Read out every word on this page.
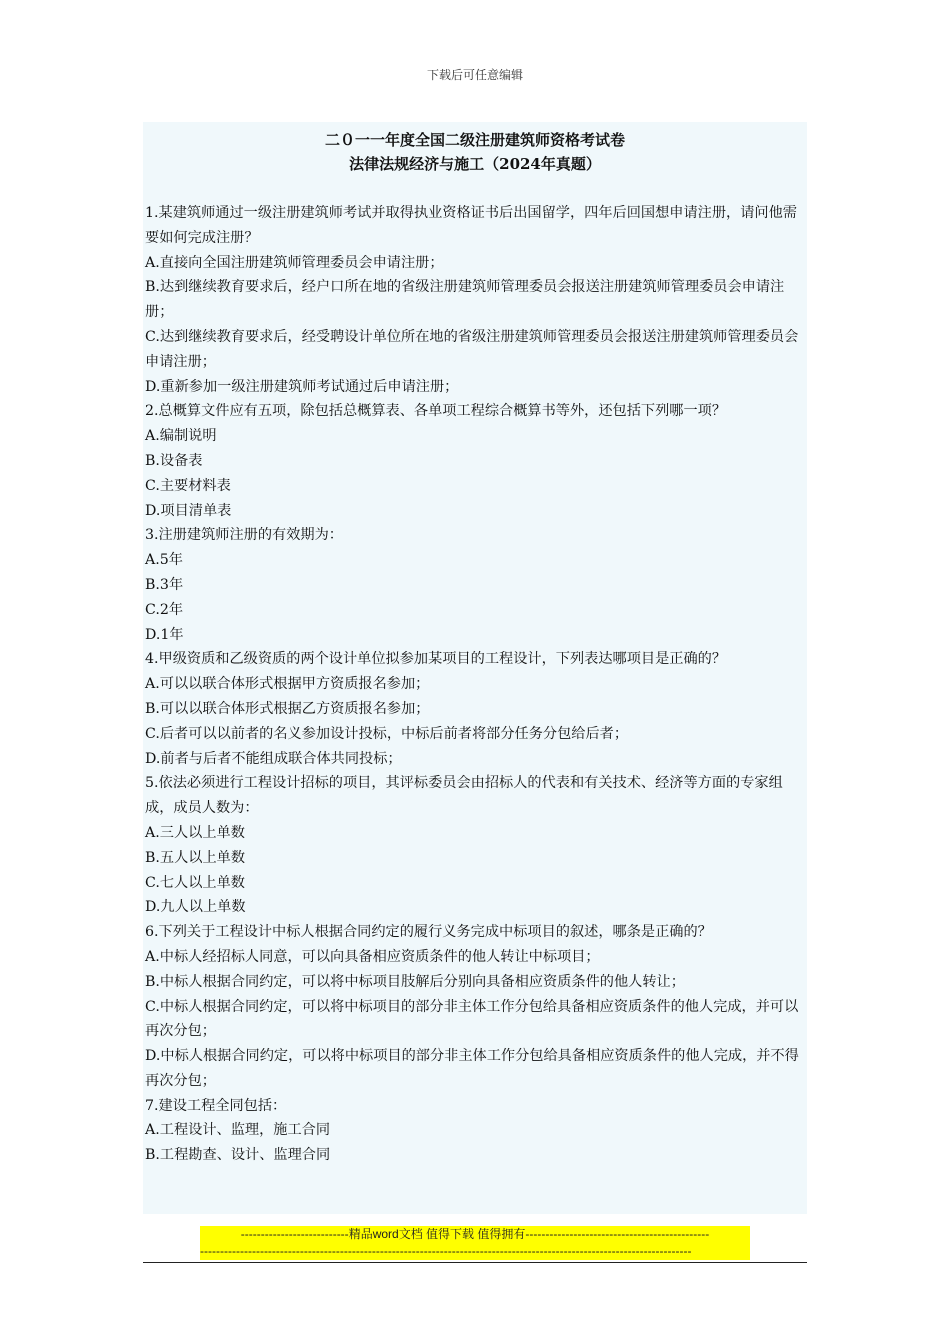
下载后可任意编辑
二０一一年度全国二级注册建筑师资格考试卷
法律法规经济与施工（2024年真题）

1.某建筑师通过一级注册建筑师考试并取得执业资格证书后出国留学，四年后回国想申请注册，请问他需要如何完成注册？

A.直接向全国注册建筑师管理委员会申请注册；

B.达到继续教育要求后，经户口所在地的省级注册建筑师管理委员会报送注册建筑师管理委员会申请注册；

C.达到继续教育要求后，经受聘设计单位所在地的省级注册建筑师管理委员会报送注册建筑师管理委员会申请注册；

D.重新参加一级注册建筑师考试通过后申请注册；

2.总概算文件应有五项，除包括总概算表、各单项工程综合概算书等外，还包括下列哪一项？

A.编制说明

B.设备表

C.主要材料表

D.项目清单表

3.注册建筑师注册的有效期为：

A.5年

B.3年

C.2年

D.1年

4.甲级资质和乙级资质的两个设计单位拟参加某项目的工程设计，下列表达哪项目是正确的？

A.可以以联合体形式根据甲方资质报名参加；

B.可以以联合体形式根据乙方资质报名参加；

C.后者可以以前者的名义参加设计投标，中标后前者将部分任务分包给后者；

D.前者与后者不能组成联合体共同投标；

5.依法必须进行工程设计招标的项目，其评标委员会由招标人的代表和有关技术、经济等方面的专家组成，成员人数为：

A.三人以上单数

B.五人以上单数

C.七人以上单数

D.九人以上单数

6.下列关于工程设计中标人根据合同约定的履行义务完成中标项目的叙述，哪条是正确的？

A.中标人经招标人同意，可以向具备相应资质条件的他人转让中标项目；

B.中标人根据合同约定，可以将中标项目肢解后分别向具备相应资质条件的他人转让；

C.中标人根据合同约定，可以将中标项目的部分非主体工作分包给具备相应资质条件的他人完成，并可以再次分包；

D.中标人根据合同约定，可以将中标项目的部分非主体工作分包给具备相应资质条件的他人完成，并不得再次分包；

7.建设工程全同包括：

A.工程设计、监理，施工合同

B.工程勘查、设计、监理合同

---------------------------精品word文档 值得下载 值得拥有----------------------------------------------
---------------------------------------------------------------------------------------------------------------------------
